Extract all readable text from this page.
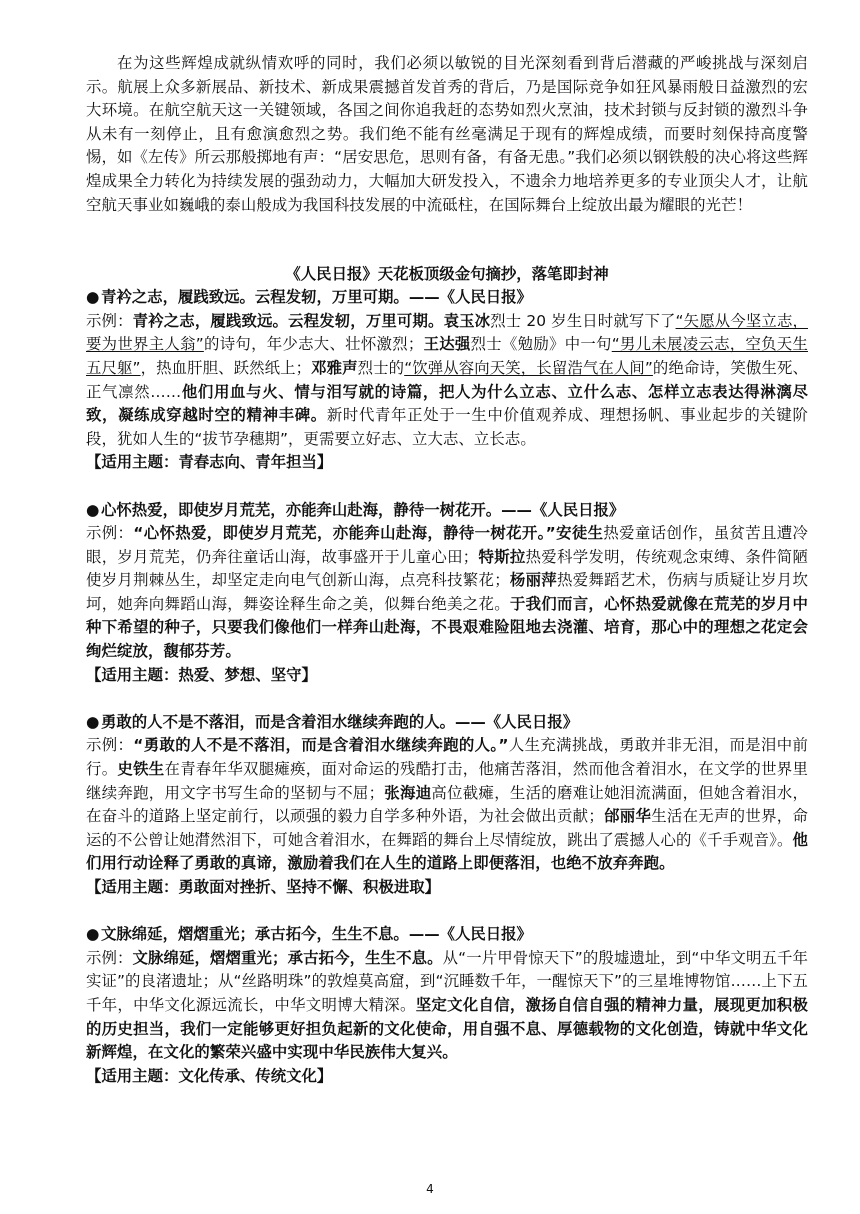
在为这些辉煌成就纵情欢呼的同时，我们必须以敏锐的目光深刻看到背后潜藏的严峻挑战与深刻启示。航展上众多新展品、新技术、新成果震撼首发首秀的背后，乃是国际竞争如狂风暴雨般日益激烈的宏大环境。在航空航天这一关键领域，各国之间你追我赶的态势如烈火烹油，技术封锁与反封锁的激烈斗争从未有一刻停止，且有愈演愈烈之势。我们绝不能有丝毫满足于现有的辉煌成绩，而要时刻保持高度警惕，如《左传》所云那般掷地有声：“居安思危，思则有备，有备无患。”我们必须以钢铁般的决心将这些辉煌成果全力转化为持续发展的强劲动力，大幅加大研发投入，不遗余力地培养更多的专业顶尖人才，让航空航天事业如巍峨的泰山般成为我国科技发展的中流砥柱，在国际舞台上绽放出最为耀眼的光芒！

《人民日报》天花板顶级金句摘抄，落笔即封神
● 青衿之志，履践致远。云程发轫，万里可期。——《人民日报》

示例：青衿之志，履践致远。云程发轫，万里可期。袁玉冰烈士 20 岁生日时就写下了“矢愿从今坚立志，要为世界主人翁”的诗句，年少志大、壮怀激烈；王达强烈士《勉励》中一句“男儿未展凌云志，空负天生五尺躯”，热血肝胆、跃然纸上；邓雅声烈士的“饮弹从容向天笑，长留浩气在人间”的绝命诗，笑傲生死、正气凛然……他们用血与火、情与泪写就的诗篇，把人为什么立志、立什么志、怎样立志表达得淋漓尽致，凝练成穿越时空的精神丰碑。新时代青年正处于一生中价值观养成、理想扬帆、事业起步的关键阶段，犹如人生的“拔节孕穗期”，更需要立好志、立大志、立长志。

【适用主题：青春志向、青年担当】
● 心怀热爱，即使岁月荒芜，亦能奔山赴海，静待一树花开。——《人民日报》

示例：“心怀热爱，即使岁月荒芜，亦能奔山赴海，静待一树花开。”安徒生热爱童话创作，虽贫苦且遭冷眼，岁月荒芜，仍奔往童话山海，故事盛开于儿童心田；特斯拉热爱科学发明，传统观念束缚、条件简陋使岁月荆棘丛生，却坚定走向电气创新山海，点亮科技繁花；杨丽萍热爱舞蹈艺术，伤病与质疑让岁月坎坷，她奔向舞蹈山海，舞姿诠释生命之美，似舞台绝美之花。于我们而言，心怀热爱就像在荒芜的岁月中种下希望的种子，只要我们像他们一样奔山赴海，不畏艰难险阻地去浇灌、培育，那心中的理想之花定会绚烂绽放，馥郁芬芳。

【适用主题：热爱、梦想、坚守】
● 勇敢的人不是不落泪，而是含着泪水继续奔跑的人。——《人民日报》

示例：“勇敢的人不是不落泪，而是含着泪水继续奔跑的人。”人生充满挑战，勇敢并非无泪，而是泪中前行。史铁生在青春年华双腿瘫痪，面对命运的残酷打击，他痛苦落泪，然而他含着泪水，在文学的世界里继续奔跑，用文字书写生命的坚韧与不屈；张海迪高位截瘫，生活的磨难让她泪流满面，但她含着泪水，在奋斗的道路上坚定前行，以顽强的毅力自学多种外语，为社会做出贡献；邰丽华生活在无声的世界，命运的不公曾让她潸然泪下，可她含着泪水，在舞蹈的舞台上尽情绽放，跳出了震撼人心的《千手观音》。他们用行动诠释了勇敢的真谛，激励着我们在人生的道路上即便落泪，也绝不放弃奔跑。

【适用主题：勇敢面对挫折、坚持不懈、积极进取】
● 文脉绵延，熠熠重光；承古拓今，生生不息。——《人民日报》

示例：文脉绵延，熠熠重光；承古拓今，生生不息。从“一片甲骨惊天下”的殷墟遗址，到“中华文明五千年实证”的良渚遗址；从“丝路明珠”的敦煌莫高窟，到“沉睡数千年，一醒惊天下”的三星堆博物馆……上下五千年，中华文化源远流长，中华文明博大精深。坚定文化自信，激扬自信自强的精神力量，展现更加积极的历史担当，我们一定能够更好担负起新的文化使命，用自强不息、厚德载物的文化创造，铸就中华文化新辉煌，在文化的繁荣兴盛中实现中华民族伟大复兴。

【适用主题：文化传承、传统文化】
4
